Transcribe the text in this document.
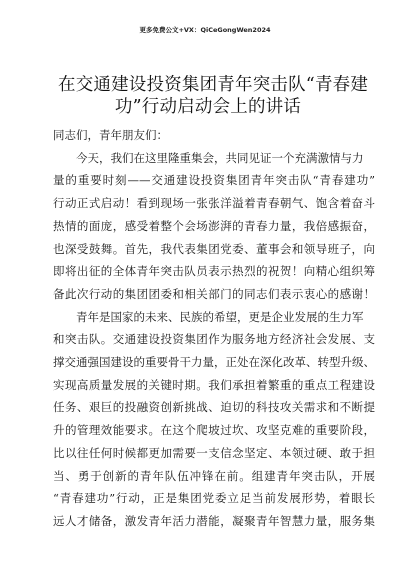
更多免费公文+VX：QiCeGongWen2024
在交通建设投资集团青年突击队“青春建
功”行动启动会上的讲话
同志们，青年朋友们：
今天，我们在这里隆重集会，共同见证一个充满激情与力
量的重要时刻——交通建设投资集团青年突击队“青春建功”
行动正式启动！看到现场一张张洋溢着青春朝气、饱含着奋斗
热情的面庞，感受着整个会场澎湃的青春力量，我倍感振奋，
也深受鼓舞。首先，我代表集团党委、董事会和领导班子，向
即将出征的全体青年突击队员表示热烈的祝贺！向精心组织筹
备此次行动的集团团委和相关部门的同志们表示衷心的感谢！
青年是国家的未来、民族的希望，更是企业发展的生力军
和突击队。交通建设投资集团作为服务地方经济社会发展、支
撑交通强国建设的重要骨干力量，正处在深化改革、转型升级、
实现高质量发展的关键时期。我们承担着繁重的重点工程建设
任务、艰巨的投融资创新挑战、迫切的科技攻关需求和不断提
升的管理效能要求。在这个爬坡过坎、攻坚克难的重要阶段，
比以往任何时候都更加需要一支信念坚定、本领过硬、敢于担
当、勇于创新的青年队伍冲锋在前。组建青年突击队，开展
“青春建功”行动，正是集团党委立足当前发展形势，着眼长
远人才储备，激发青年活力潜能，凝聚青年智慧力量，服务集
